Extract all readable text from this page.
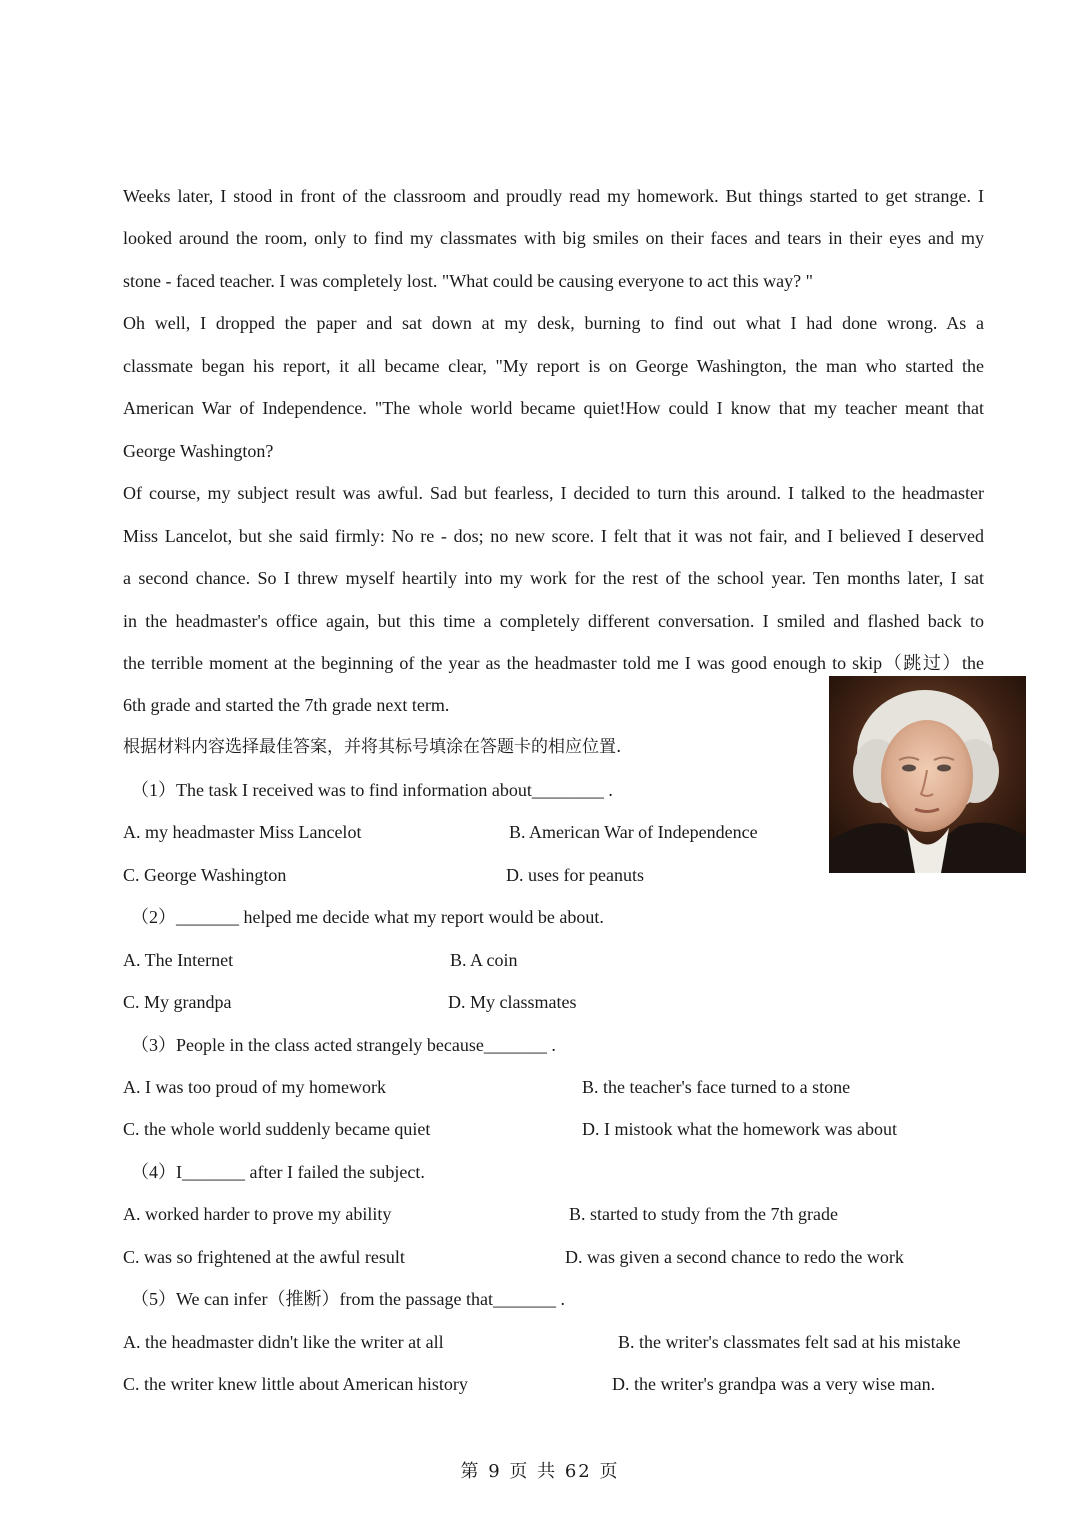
Weeks later, I stood in front of the classroom and proudly read my homework. But things started to get strange. I
looked around the room, only to find my classmates with big smiles on their faces and tears in their eyes and my
stone - faced teacher. I was completely lost. "What could be causing everyone to act this way? "
Oh well, I dropped the paper and sat down at my desk, burning to find out what I had done wrong. As a
classmate began his report, it all became clear, "My report is on George Washington, the man who started the
American War of Independence. "The whole world became quiet!How could I know that my teacher meant that
George Washington?
Of course, my subject result was awful. Sad but fearless, I decided to turn this around. I talked to the headmaster
Miss Lancelot, but she said firmly: No re - dos; no new score. I felt that it was not fair, and I believed I deserved
a second chance. So I threw myself heartily into my work for the rest of the school year. Ten months later, I sat
in the headmaster's office again, but this time a completely different conversation. I smiled and flashed back to
the terrible moment at the beginning of the year as the headmaster told me I was good enough to skip（跳过）the
6th grade and started the 7th grade next term.
根据材料内容选择最佳答案，并将其标号填涂在答题卡的相应位置.
（1）The task I received was to find information about________ .
A. my headmaster Miss Lancelot	B. American War of Independence
C. George Washington	D. uses for peanuts
（2）_______ helped me decide what my report would be about.
A. The Internet	B. A coin
C. My grandpa	D. My classmates
（3）People in the class acted strangely because_______ .
A. I was too proud of my homework	B. the teacher's face turned to a stone
C. the whole world suddenly became quiet	D. I mistook what the homework was about
（4）I_______ after I failed the subject.
A. worked harder to prove my ability	B. started to study from the 7th grade
C. was so frightened at the awful result	D. was given a second chance to redo the work
（5）We can infer（推断）from the passage that_______ .
A. the headmaster didn't like the writer at all	B. the writer's classmates felt sad at his mistake
C. the writer knew little about American history	D. the writer's grandpa was a very wise man.
第 9 页 共 62 页
